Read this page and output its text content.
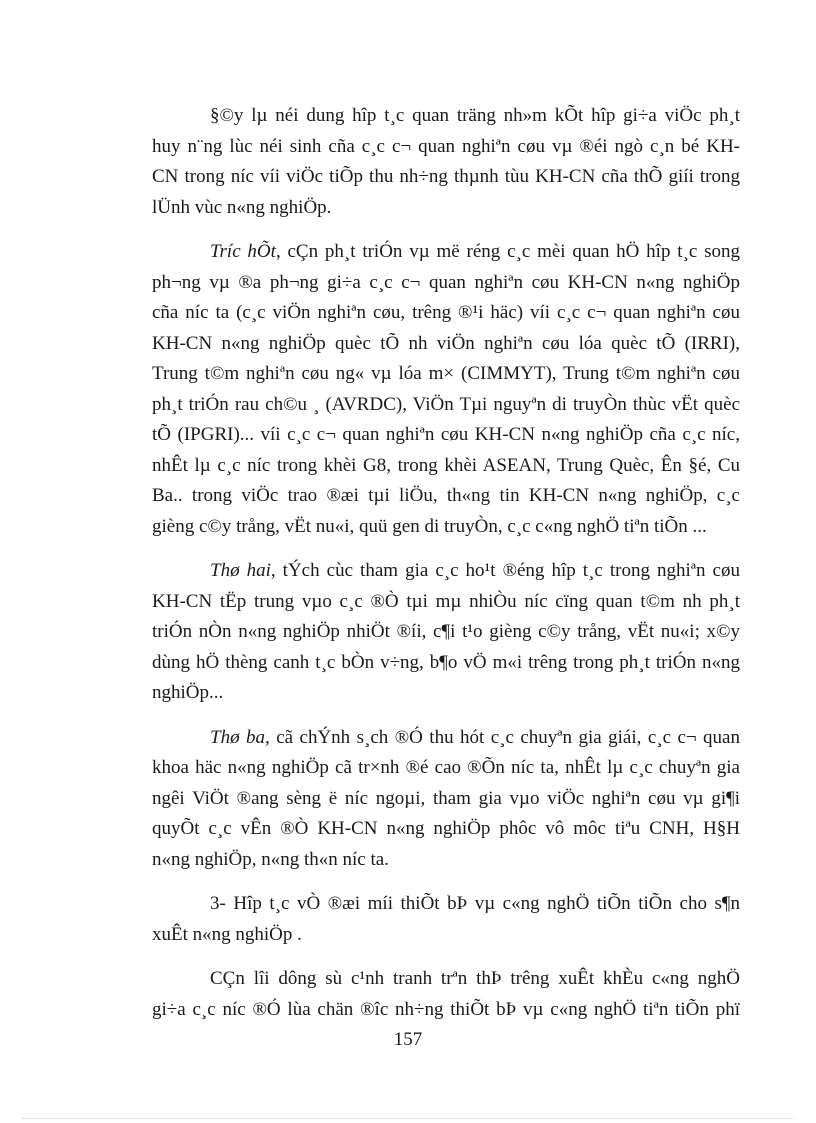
§©y lµ néi dung hîp t¸c quan träng nh»m kÕt hîp gi÷a viÖc ph¸t
huy n¨ng lùc néi sinh cña c¸c c¬ quan nghiªn cøu vµ ®éi ngò c¸n bé KH-
CN trong níc víi viÖc tiÕp thu nh÷ng thµnh tùu KH-CN cña thÕ giíi trong
lÜnh vùc n«ng nghiÖp.

Tríc hÕt, cÇn ph¸t triÓn vµ më réng c¸c mèi quan hÖ hîp t¸c song
ph¬ng vµ ®a ph¬ng gi÷a c¸c c¬ quan nghiªn cøu KH-CN n«ng nghiÖp
cña níc ta (c¸c viÖn nghiªn cøu, trêng ®¹i häc) víi c¸c c¬ quan nghiªn cøu
KH-CN n«ng nghiÖp quèc tÕ nh viÖn nghiªn cøu lóa quèc tÕ (IRRI),
Trung t©m nghiªn cøu ng« vµ lóa m× (CIMMYT), Trung t©m nghiªn cøu
ph¸t triÓn rau ch©u ¸ (AVRDC), ViÖn Tµi nguyªn di truyÒn thùc vËt quèc
tÕ (IPGRI)... víi c¸c c¬ quan nghiªn cøu KH-CN n«ng nghiÖp cña c¸c níc,
nhÊt lµ c¸c níc trong khèi G8, trong khèi ASEAN, Trung Quèc, Ên §é, Cu
Ba.. trong viÖc trao ®æi tµi liÖu, th«ng tin KH-CN n«ng nghiÖp, c¸c
gièng c©y trång, vËt nu«i, quü gen di truyÒn, c¸c c«ng nghÖ tiªn tiÕn ...

Thø hai, tÝch cùc tham gia c¸c ho¹t ®éng hîp t¸c trong nghiªn cøu
KH-CN tËp trung vµo c¸c ®Ò tµi mµ nhiÒu níc cïng quan t©m nh ph¸t
triÓn nÒn n«ng nghiÖp nhiÖt ®íi, c¶i t¹o gièng c©y trång, vËt nu«i; x©y
dùng hÖ thèng canh t¸c bÒn v÷ng, b¶o vÖ m«i trêng trong ph¸t triÓn n«ng
nghiÖp...

Thø ba, cã chÝnh s¸ch ®Ó thu hót c¸c chuyªn gia giái, c¸c c¬ quan
khoa häc n«ng nghiÖp cã tr×nh ®é cao ®Õn níc ta, nhÊt lµ c¸c chuyªn gia
ngêi ViÖt ®ang sèng ë níc ngoµi, tham gia vµo viÖc nghiªn cøu vµ gi¶i
quyÕt c¸c vÊn ®Ò KH-CN n«ng nghiÖp phôc vô môc tiªu CNH, H§H
n«ng nghiÖp, n«ng th«n níc ta.

3- Hîp t¸c vÒ ®æi míi thiÕt bÞ vµ c«ng nghÖ tiÕn tiÕn cho s¶n
xuÊt n«ng nghiÖp .

CÇn lîi dông sù c¹nh tranh trªn thÞ trêng xuÊt khÈu c«ng nghÖ
gi÷a c¸c níc ®Ó lùa chän ®îc nh÷ng thiÕt bÞ vµ c«ng nghÖ tiªn tiÕn phï

157
